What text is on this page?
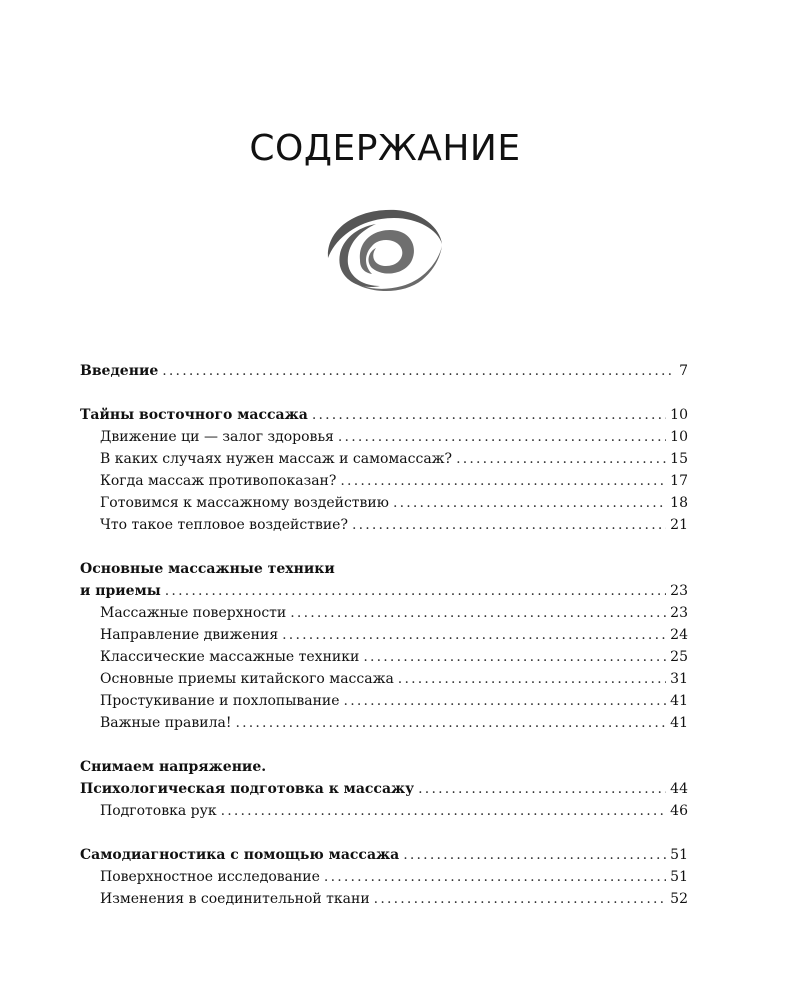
СОДЕРЖАНИЕ
Введение .....	7
Тайны восточного массажа .....	10
Движение ци — залог здоровья .....	10
В каких случаях нужен массаж и самомассаж? .....	15
Когда массаж противопоказан? .....	17
Готовимся к массажному воздействию .....	18
Что такое тепловое воздействие? .....	21
Основные массажные техники
и приемы .....	23
Массажные поверхности .....	23
Направление движения .....	24
Классические массажные техники .....	25
Основные приемы китайского массажа .....	31
Простукивание и похлопывание .....	41
Важные правила! .....	41
Снимаем напряжение.
Психологическая подготовка к массажу .....	44
Подготовка рук .....	46
Самодиагностика с помощью массажа .....	51
Поверхностное исследование .....	51
Изменения в соединительной ткани .....	52
